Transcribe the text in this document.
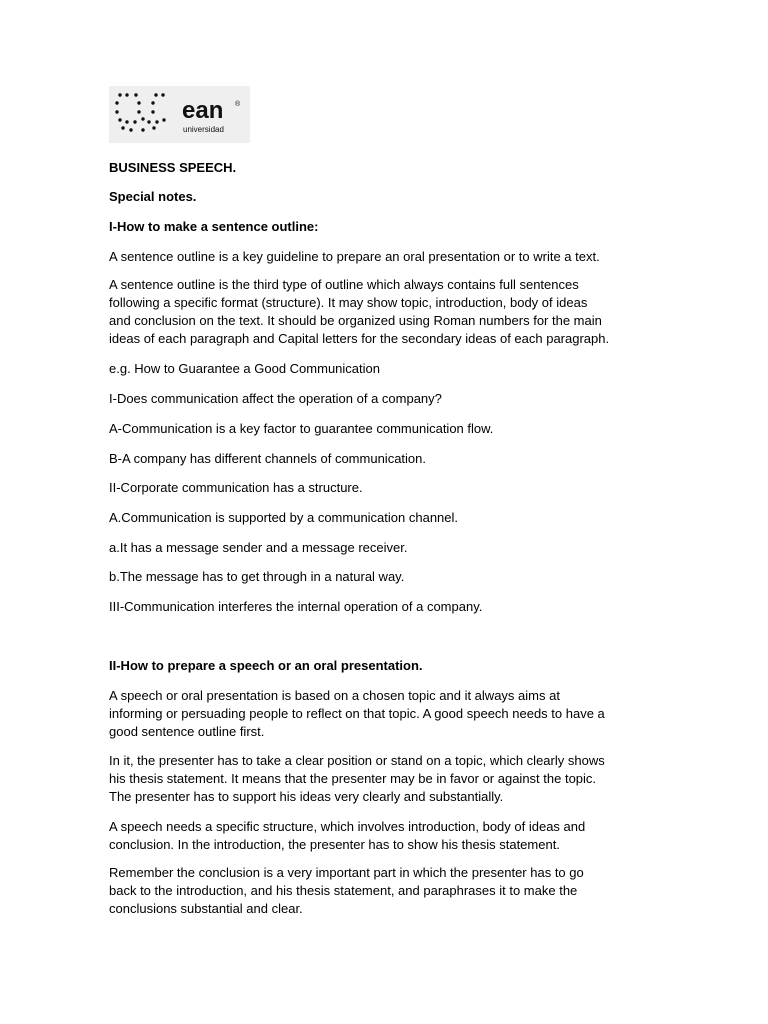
ean ®
universidad
BUSINESS SPEECH.
Special notes.
I-How to make a sentence outline:
A sentence outline is a key guideline to prepare an oral presentation or to write a text.
A sentence outline is the third type of outline which always contains full sentences
following a specific format (structure). It may show topic, introduction, body of ideas
and conclusion on the text. It should be organized using Roman numbers for the main
ideas of each paragraph and Capital letters for the secondary ideas of each paragraph.
e.g. How to Guarantee a Good Communication
I-Does communication affect the operation of a company?
A-Communication is a key factor to guarantee communication flow.
B-A company has different channels of communication.
II-Corporate communication has a structure.
A.Communication is supported by a communication channel.
a.It has a message sender and a message receiver.
b.The message has to get through in a natural way.
III-Communication interferes the internal operation of a company.
II-How to prepare a speech or an oral presentation.
A speech or oral presentation is based on a chosen topic and it always aims at
informing or persuading people to reflect on that topic. A good speech needs to have a
good sentence outline first.
In it, the presenter has to take a clear position or stand on a topic, which clearly shows
his thesis statement. It means that the presenter may be in favor or against the topic.
The presenter has to support his ideas very clearly and substantially.
A speech needs a specific structure, which involves introduction, body of ideas and
conclusion. In the introduction, the presenter has to show his thesis statement.
Remember the conclusion is a very important part in which the presenter has to go
back to the introduction, and his thesis statement, and paraphrases it to make the
conclusions substantial and clear.
